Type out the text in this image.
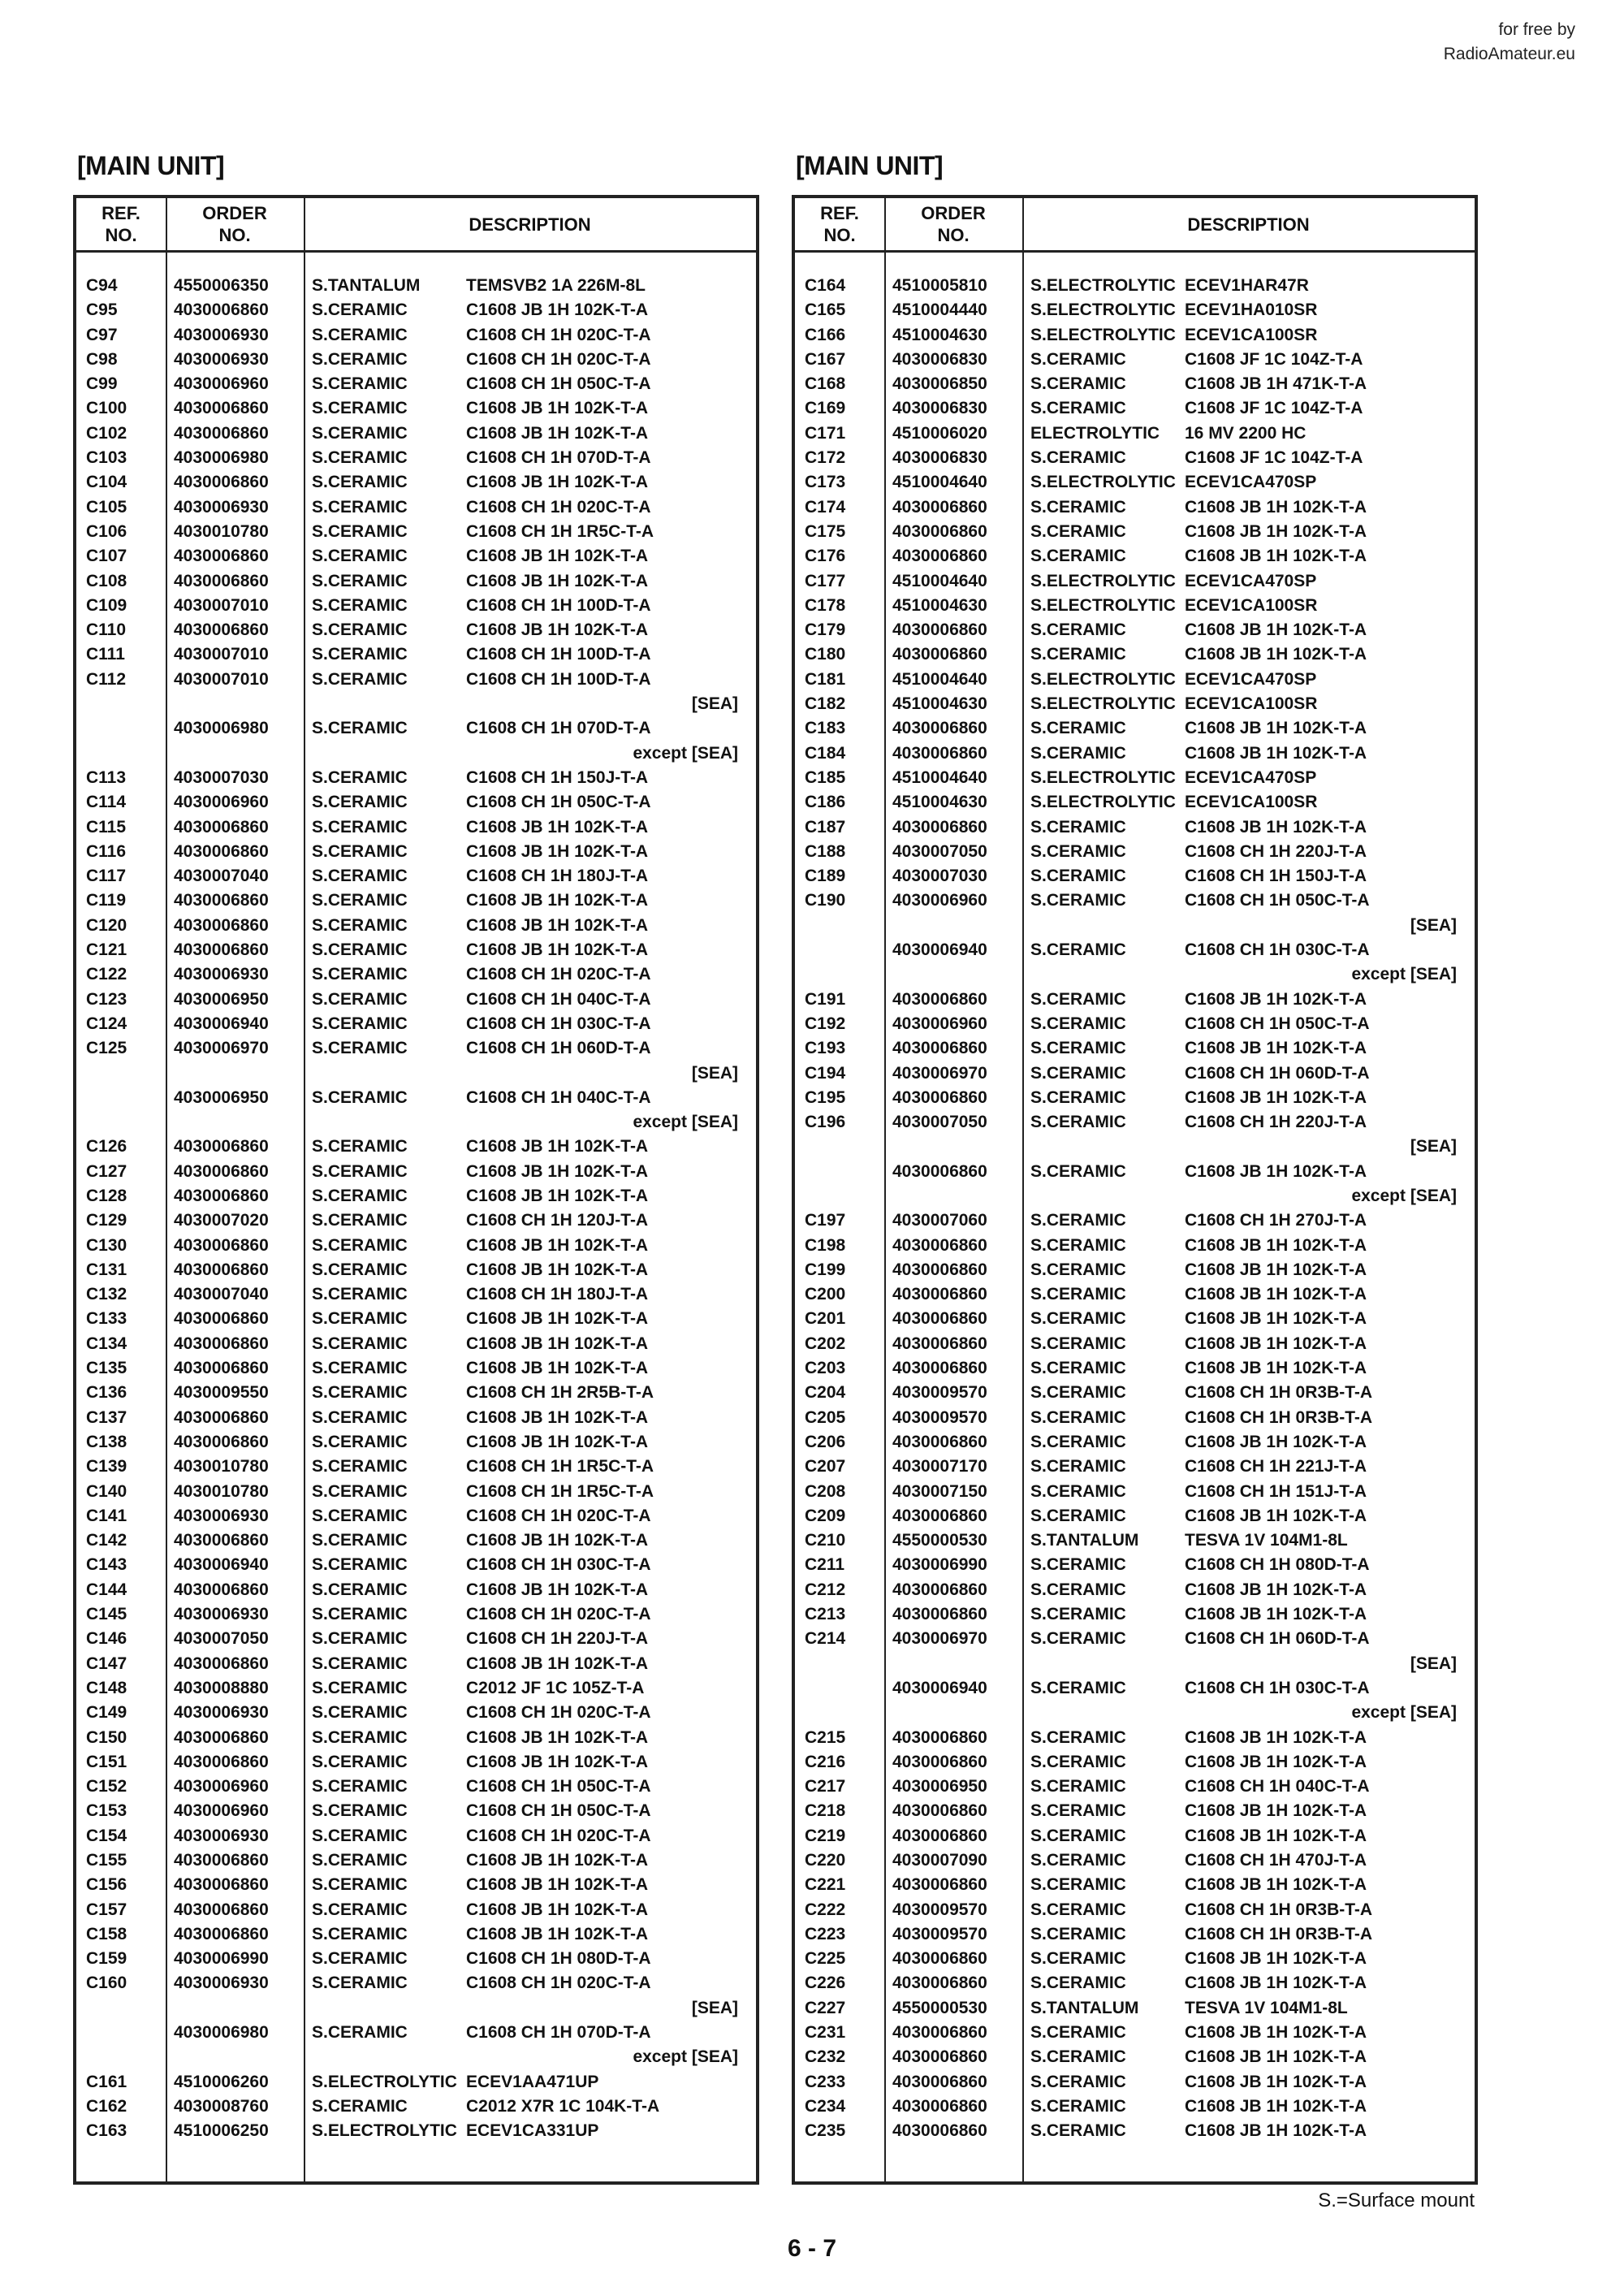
for free by
RadioAmateur.eu
[MAIN UNIT]	[MAIN UNIT]
REF.
NO.
ORDER
NO.
DESCRIPTION
C94	4550006350	S.TANTALUM	TEMSVB2 1A 226M-8L
C95	4030006860	S.CERAMIC	C1608 JB 1H 102K-T-A
C97	4030006930	S.CERAMIC	C1608 CH 1H 020C-T-A
C98	4030006930	S.CERAMIC	C1608 CH 1H 020C-T-A
C99	4030006960	S.CERAMIC	C1608 CH 1H 050C-T-A
C100	4030006860	S.CERAMIC	C1608 JB 1H 102K-T-A
C102	4030006860	S.CERAMIC	C1608 JB 1H 102K-T-A
C103	4030006980	S.CERAMIC	C1608 CH 1H 070D-T-A
C104	4030006860	S.CERAMIC	C1608 JB 1H 102K-T-A
C105	4030006930	S.CERAMIC	C1608 CH 1H 020C-T-A
C106	4030010780	S.CERAMIC	C1608 CH 1H 1R5C-T-A
C107	4030006860	S.CERAMIC	C1608 JB 1H 102K-T-A
C108	4030006860	S.CERAMIC	C1608 JB 1H 102K-T-A
C109	4030007010	S.CERAMIC	C1608 CH 1H 100D-T-A
C110	4030006860	S.CERAMIC	C1608 JB 1H 102K-T-A
C111	4030007010	S.CERAMIC	C1608 CH 1H 100D-T-A
C112	4030007010	S.CERAMIC	C1608 CH 1H 100D-T-A
[SEA]
4030006980	S.CERAMIC	C1608 CH 1H 070D-T-A
except [SEA]
C113	4030007030	S.CERAMIC	C1608 CH 1H 150J-T-A
C114	4030006960	S.CERAMIC	C1608 CH 1H 050C-T-A
C115	4030006860	S.CERAMIC	C1608 JB 1H 102K-T-A
C116	4030006860	S.CERAMIC	C1608 JB 1H 102K-T-A
C117	4030007040	S.CERAMIC	C1608 CH 1H 180J-T-A
C119	4030006860	S.CERAMIC	C1608 JB 1H 102K-T-A
C120	4030006860	S.CERAMIC	C1608 JB 1H 102K-T-A
C121	4030006860	S.CERAMIC	C1608 JB 1H 102K-T-A
C122	4030006930	S.CERAMIC	C1608 CH 1H 020C-T-A
C123	4030006950	S.CERAMIC	C1608 CH 1H 040C-T-A
C124	4030006940	S.CERAMIC	C1608 CH 1H 030C-T-A
C125	4030006970	S.CERAMIC	C1608 CH 1H 060D-T-A
[SEA]
4030006950	S.CERAMIC	C1608 CH 1H 040C-T-A
except [SEA]
C126	4030006860	S.CERAMIC	C1608 JB 1H 102K-T-A
C127	4030006860	S.CERAMIC	C1608 JB 1H 102K-T-A
C128	4030006860	S.CERAMIC	C1608 JB 1H 102K-T-A
C129	4030007020	S.CERAMIC	C1608 CH 1H 120J-T-A
C130	4030006860	S.CERAMIC	C1608 JB 1H 102K-T-A
C131	4030006860	S.CERAMIC	C1608 JB 1H 102K-T-A
C132	4030007040	S.CERAMIC	C1608 CH 1H 180J-T-A
C133	4030006860	S.CERAMIC	C1608 JB 1H 102K-T-A
C134	4030006860	S.CERAMIC	C1608 JB 1H 102K-T-A
C135	4030006860	S.CERAMIC	C1608 JB 1H 102K-T-A
C136	4030009550	S.CERAMIC	C1608 CH 1H 2R5B-T-A
C137	4030006860	S.CERAMIC	C1608 JB 1H 102K-T-A
C138	4030006860	S.CERAMIC	C1608 JB 1H 102K-T-A
C139	4030010780	S.CERAMIC	C1608 CH 1H 1R5C-T-A
C140	4030010780	S.CERAMIC	C1608 CH 1H 1R5C-T-A
C141	4030006930	S.CERAMIC	C1608 CH 1H 020C-T-A
C142	4030006860	S.CERAMIC	C1608 JB 1H 102K-T-A
C143	4030006940	S.CERAMIC	C1608 CH 1H 030C-T-A
C144	4030006860	S.CERAMIC	C1608 JB 1H 102K-T-A
C145	4030006930	S.CERAMIC	C1608 CH 1H 020C-T-A
C146	4030007050	S.CERAMIC	C1608 CH 1H 220J-T-A
C147	4030006860	S.CERAMIC	C1608 JB 1H 102K-T-A
C148	4030008880	S.CERAMIC	C2012 JF 1C 105Z-T-A
C149	4030006930	S.CERAMIC	C1608 CH 1H 020C-T-A
C150	4030006860	S.CERAMIC	C1608 JB 1H 102K-T-A
C151	4030006860	S.CERAMIC	C1608 JB 1H 102K-T-A
C152	4030006960	S.CERAMIC	C1608 CH 1H 050C-T-A
C153	4030006960	S.CERAMIC	C1608 CH 1H 050C-T-A
C154	4030006930	S.CERAMIC	C1608 CH 1H 020C-T-A
C155	4030006860	S.CERAMIC	C1608 JB 1H 102K-T-A
C156	4030006860	S.CERAMIC	C1608 JB 1H 102K-T-A
C157	4030006860	S.CERAMIC	C1608 JB 1H 102K-T-A
C158	4030006860	S.CERAMIC	C1608 JB 1H 102K-T-A
C159	4030006990	S.CERAMIC	C1608 CH 1H 080D-T-A
C160	4030006930	S.CERAMIC	C1608 CH 1H 020C-T-A
[SEA]
4030006980	S.CERAMIC	C1608 CH 1H 070D-T-A
except [SEA]
C161	4510006260	S.ELECTROLYTIC ECEV1AA471UP
C162	4030008760	S.CERAMIC	C2012 X7R 1C 104K-T-A
C163	4510006250	S.ELECTROLYTIC ECEV1CA331UP
REF.
NO.
ORDER
NO.
DESCRIPTION
C164	4510005810	S.ELECTROLYTIC ECEV1HAR47R
C165	4510004440	S.ELECTROLYTIC ECEV1HA010SR
C166	4510004630	S.ELECTROLYTIC ECEV1CA100SR
C167	4030006830	S.CERAMIC	C1608 JF 1C 104Z-T-A
C168	4030006850	S.CERAMIC	C1608 JB 1H 471K-T-A
C169	4030006830	S.CERAMIC	C1608 JF 1C 104Z-T-A
C171	4510006020	ELECTROLYTIC	16 MV 2200 HC
C172	4030006830	S.CERAMIC	C1608 JF 1C 104Z-T-A
C173	4510004640	S.ELECTROLYTIC ECEV1CA470SP
C174	4030006860	S.CERAMIC	C1608 JB 1H 102K-T-A
C175	4030006860	S.CERAMIC	C1608 JB 1H 102K-T-A
C176	4030006860	S.CERAMIC	C1608 JB 1H 102K-T-A
C177	4510004640	S.ELECTROLYTIC ECEV1CA470SP
C178	4510004630	S.ELECTROLYTIC ECEV1CA100SR
C179	4030006860	S.CERAMIC	C1608 JB 1H 102K-T-A
C180	4030006860	S.CERAMIC	C1608 JB 1H 102K-T-A
C181	4510004640	S.ELECTROLYTIC ECEV1CA470SP
C182	4510004630	S.ELECTROLYTIC ECEV1CA100SR
C183	4030006860	S.CERAMIC	C1608 JB 1H 102K-T-A
C184	4030006860	S.CERAMIC	C1608 JB 1H 102K-T-A
C185	4510004640	S.ELECTROLYTIC ECEV1CA470SP
C186	4510004630	S.ELECTROLYTIC ECEV1CA100SR
C187	4030006860	S.CERAMIC	C1608 JB 1H 102K-T-A
C188	4030007050	S.CERAMIC	C1608 CH 1H 220J-T-A
C189	4030007030	S.CERAMIC	C1608 CH 1H 150J-T-A
C190	4030006960	S.CERAMIC	C1608 CH 1H 050C-T-A
[SEA]
4030006940	S.CERAMIC	C1608 CH 1H 030C-T-A
except [SEA]
C191	4030006860	S.CERAMIC	C1608 JB 1H 102K-T-A
C192	4030006960	S.CERAMIC	C1608 CH 1H 050C-T-A
C193	4030006860	S.CERAMIC	C1608 JB 1H 102K-T-A
C194	4030006970	S.CERAMIC	C1608 CH 1H 060D-T-A
C195	4030006860	S.CERAMIC	C1608 JB 1H 102K-T-A
C196	4030007050	S.CERAMIC	C1608 CH 1H 220J-T-A
[SEA]
4030006860	S.CERAMIC	C1608 JB 1H 102K-T-A
except [SEA]
C197	4030007060	S.CERAMIC	C1608 CH 1H 270J-T-A
C198	4030006860	S.CERAMIC	C1608 JB 1H 102K-T-A
C199	4030006860	S.CERAMIC	C1608 JB 1H 102K-T-A
C200	4030006860	S.CERAMIC	C1608 JB 1H 102K-T-A
C201	4030006860	S.CERAMIC	C1608 JB 1H 102K-T-A
C202	4030006860	S.CERAMIC	C1608 JB 1H 102K-T-A
C203	4030006860	S.CERAMIC	C1608 JB 1H 102K-T-A
C204	4030009570	S.CERAMIC	C1608 CH 1H 0R3B-T-A
C205	4030009570	S.CERAMIC	C1608 CH 1H 0R3B-T-A
C206	4030006860	S.CERAMIC	C1608 JB 1H 102K-T-A
C207	4030007170	S.CERAMIC	C1608 CH 1H 221J-T-A
C208	4030007150	S.CERAMIC	C1608 CH 1H 151J-T-A
C209	4030006860	S.CERAMIC	C1608 JB 1H 102K-T-A
C210	4550000530	S.TANTALUM	TESVA 1V 104M1-8L
C211	4030006990	S.CERAMIC	C1608 CH 1H 080D-T-A
C212	4030006860	S.CERAMIC	C1608 JB 1H 102K-T-A
C213	4030006860	S.CERAMIC	C1608 JB 1H 102K-T-A
C214	4030006970	S.CERAMIC	C1608 CH 1H 060D-T-A
[SEA]
4030006940	S.CERAMIC	C1608 CH 1H 030C-T-A
except [SEA]
C215	4030006860	S.CERAMIC	C1608 JB 1H 102K-T-A
C216	4030006860	S.CERAMIC	C1608 JB 1H 102K-T-A
C217	4030006950	S.CERAMIC	C1608 CH 1H 040C-T-A
C218	4030006860	S.CERAMIC	C1608 JB 1H 102K-T-A
C219	4030006860	S.CERAMIC	C1608 JB 1H 102K-T-A
C220	4030007090	S.CERAMIC	C1608 CH 1H 470J-T-A
C221	4030006860	S.CERAMIC	C1608 JB 1H 102K-T-A
C222	4030009570	S.CERAMIC	C1608 CH 1H 0R3B-T-A
C223	4030009570	S.CERAMIC	C1608 CH 1H 0R3B-T-A
C225	4030006860	S.CERAMIC	C1608 JB 1H 102K-T-A
C226	4030006860	S.CERAMIC	C1608 JB 1H 102K-T-A
C227	4550000530	S.TANTALUM	TESVA 1V 104M1-8L
C231	4030006860	S.CERAMIC	C1608 JB 1H 102K-T-A
C232	4030006860	S.CERAMIC	C1608 JB 1H 102K-T-A
C233	4030006860	S.CERAMIC	C1608 JB 1H 102K-T-A
C234	4030006860	S.CERAMIC	C1608 JB 1H 102K-T-A
C235	4030006860	S.CERAMIC	C1608 JB 1H 102K-T-A
S.=Surface mount
6 - 7
